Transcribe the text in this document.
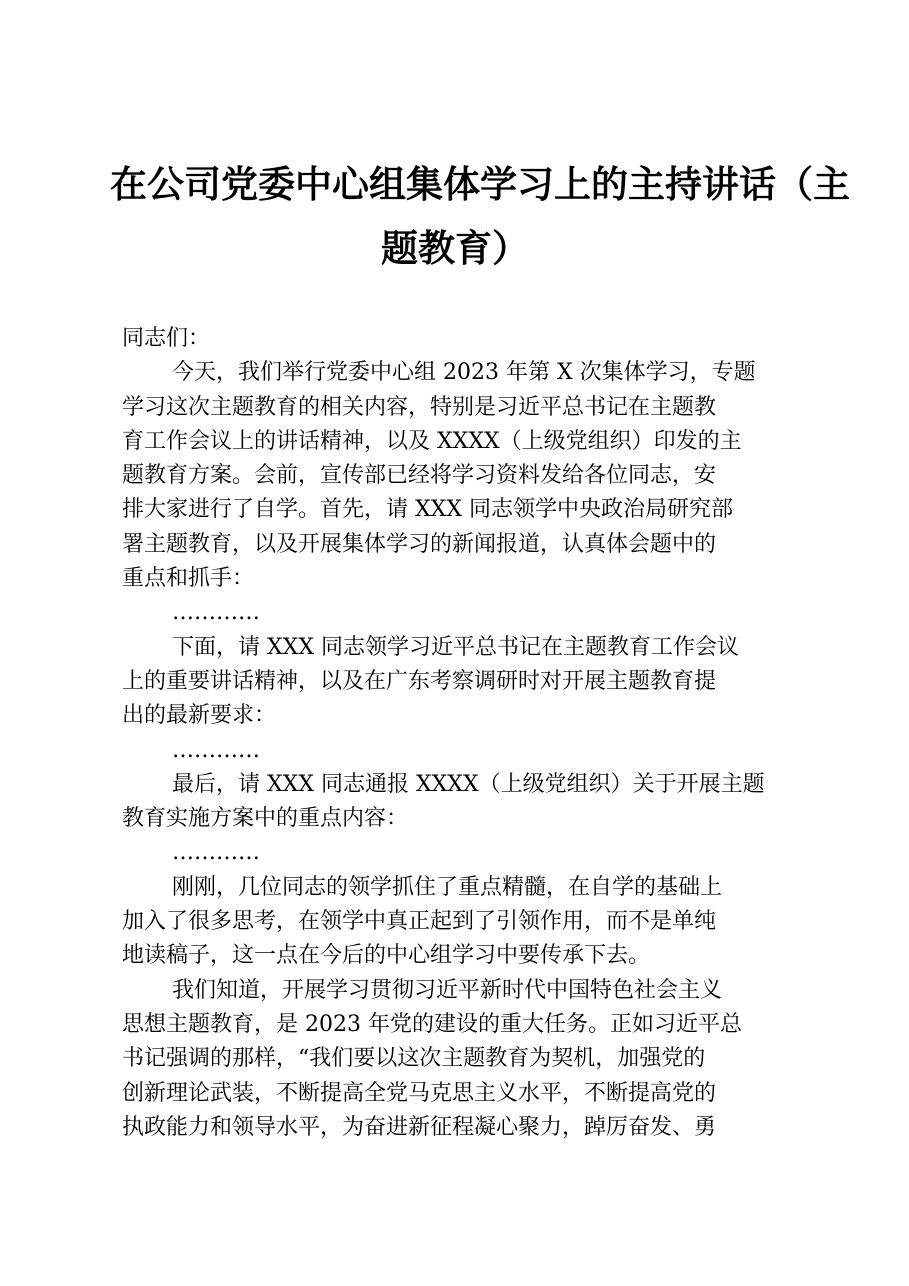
在公司党委中心组集体学习上的主持讲话（主
题教育）
同志们：
今天，我们举行党委中心组 2023 年第 X 次集体学习，专题
学习这次主题教育的相关内容，特别是习近平总书记在主题教
育工作会议上的讲话精神，以及 XXXX（上级党组织）印发的主
题教育方案。会前，宣传部已经将学习资料发给各位同志，安
排大家进行了自学。首先，请 XXX 同志领学中央政治局研究部
署主题教育，以及开展集体学习的新闻报道，认真体会题中的
重点和抓手：
…………
下面，请 XXX 同志领学习近平总书记在主题教育工作会议
上的重要讲话精神，以及在广东考察调研时对开展主题教育提
出的最新要求：
…………
最后，请 XXX 同志通报 XXXX（上级党组织）关于开展主题
教育实施方案中的重点内容：
…………
刚刚，几位同志的领学抓住了重点精髓，在自学的基础上
加入了很多思考，在领学中真正起到了引领作用，而不是单纯
地读稿子，这一点在今后的中心组学习中要传承下去。
我们知道，开展学习贯彻习近平新时代中国特色社会主义
思想主题教育，是 2023 年党的建设的重大任务。正如习近平总
书记强调的那样，“我们要以这次主题教育为契机，加强党的
创新理论武装，不断提高全党马克思主义水平，不断提高党的
执政能力和领导水平，为奋进新征程凝心聚力，踔厉奋发、勇
